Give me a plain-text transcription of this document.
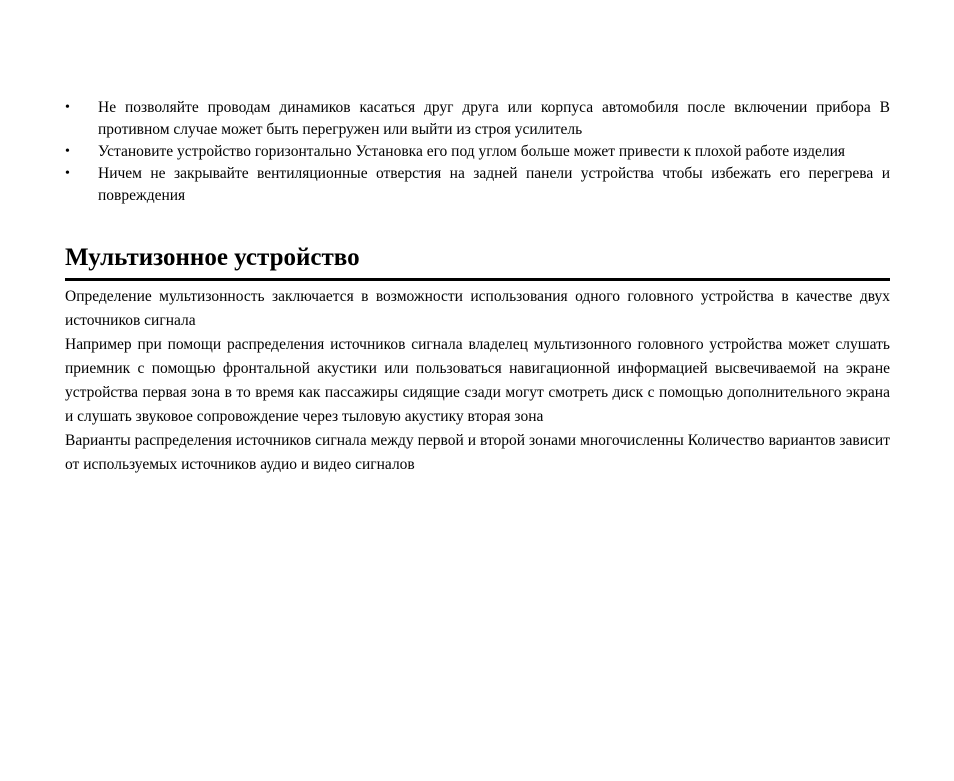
• Не позволяйте проводам динамиков касаться друг друга или корпуса автомобиля после включении прибора В противном случае может быть перегружен или выйти из строя усилитель
• Установите устройство горизонтально Установка его под углом больше может привести к плохой работе изделия
• Ничем не закрывайте вентиляционные отверстия на задней панели устройства чтобы избежать его перегрева и повреждения
Мультизонное устройство

Определение мультизонность заключается в возможности использования одного головного устройства в качестве двух источников сигнала

Например при помощи распределения источников сигнала владелец мультизонного головного устройства может слушать приемник с помощью фронтальной акустики или пользоваться навигационной информацией высвечиваемой на экране устройства первая зона в то время как пассажиры сидящие сзади могут смотреть диск с помощью дополнительного экрана и слушать звуковое сопровождение через тыловую акустику вторая зона

Варианты распределения источников сигнала между первой и второй зонами многочисленны Количество вариантов зависит от используемых источников аудио и видео сигналов
